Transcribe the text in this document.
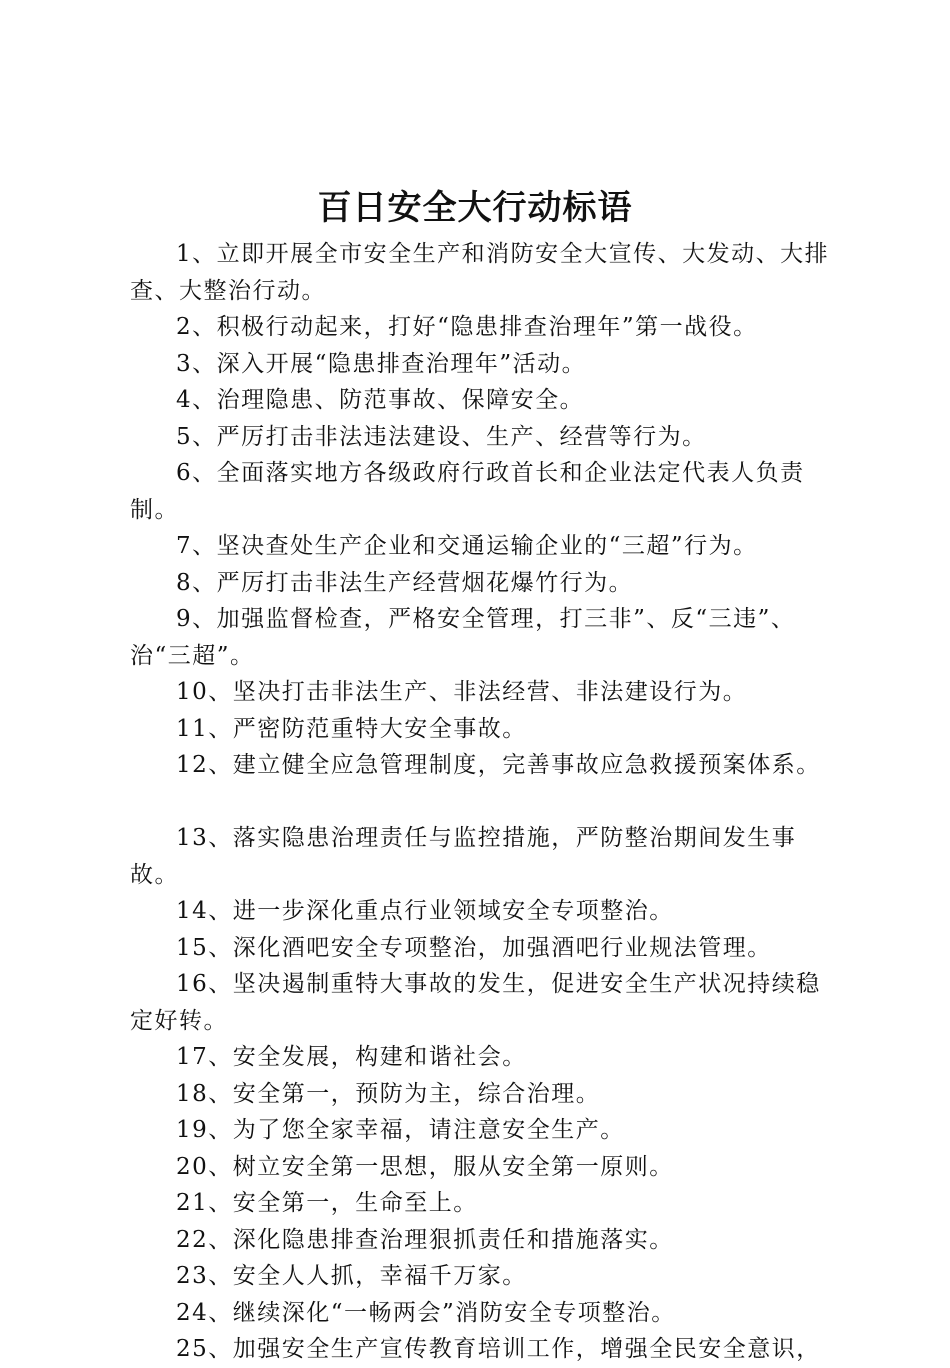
百日安全大行动标语

1、立即开展全市安全生产和消防安全大宣传、大发动、大排查、大整治行动。

2、积极行动起来，打好“隐患排查治理年”第一战役。

3、深入开展“隐患排查治理年”活动。

4、治理隐患、防范事故、保障安全。

5、严厉打击非法违法建设、生产、经营等行为。

6、全面落实地方各级政府行政首长和企业法定代表人负责制。

7、坚决查处生产企业和交通运输企业的“三超”行为。

8、严厉打击非法生产经营烟花爆竹行为。

9、加强监督检查，严格安全管理，打三非”、反“三违”、治“三超”。

10、坚决打击非法生产、非法经营、非法建设行为。

11、严密防范重特大安全事故。

12、建立健全应急管理制度，完善事故应急救援预案体系。

13、落实隐患治理责任与监控措施，严防整治期间发生事故。

14、进一步深化重点行业领域安全专项整治。

15、深化酒吧安全专项整治，加强酒吧行业规法管理。

16、坚决遏制重特大事故的发生，促进安全生产状况持续稳定好转。

17、安全发展，构建和谐社会。

18、安全第一，预防为主，综合治理。

19、为了您全家幸福，请注意安全生产。

20、树立安全第一思想，服从安全第一原则。

21、安全第一，生命至上。

22、深化隐患排查治理狠抓责任和措施落实。

23、安全人人抓，幸福千万家。

24、继续深化“一畅两会”消防安全专项整治。

25、加强安全生产宣传教育培训工作，增强全民安全意识，
